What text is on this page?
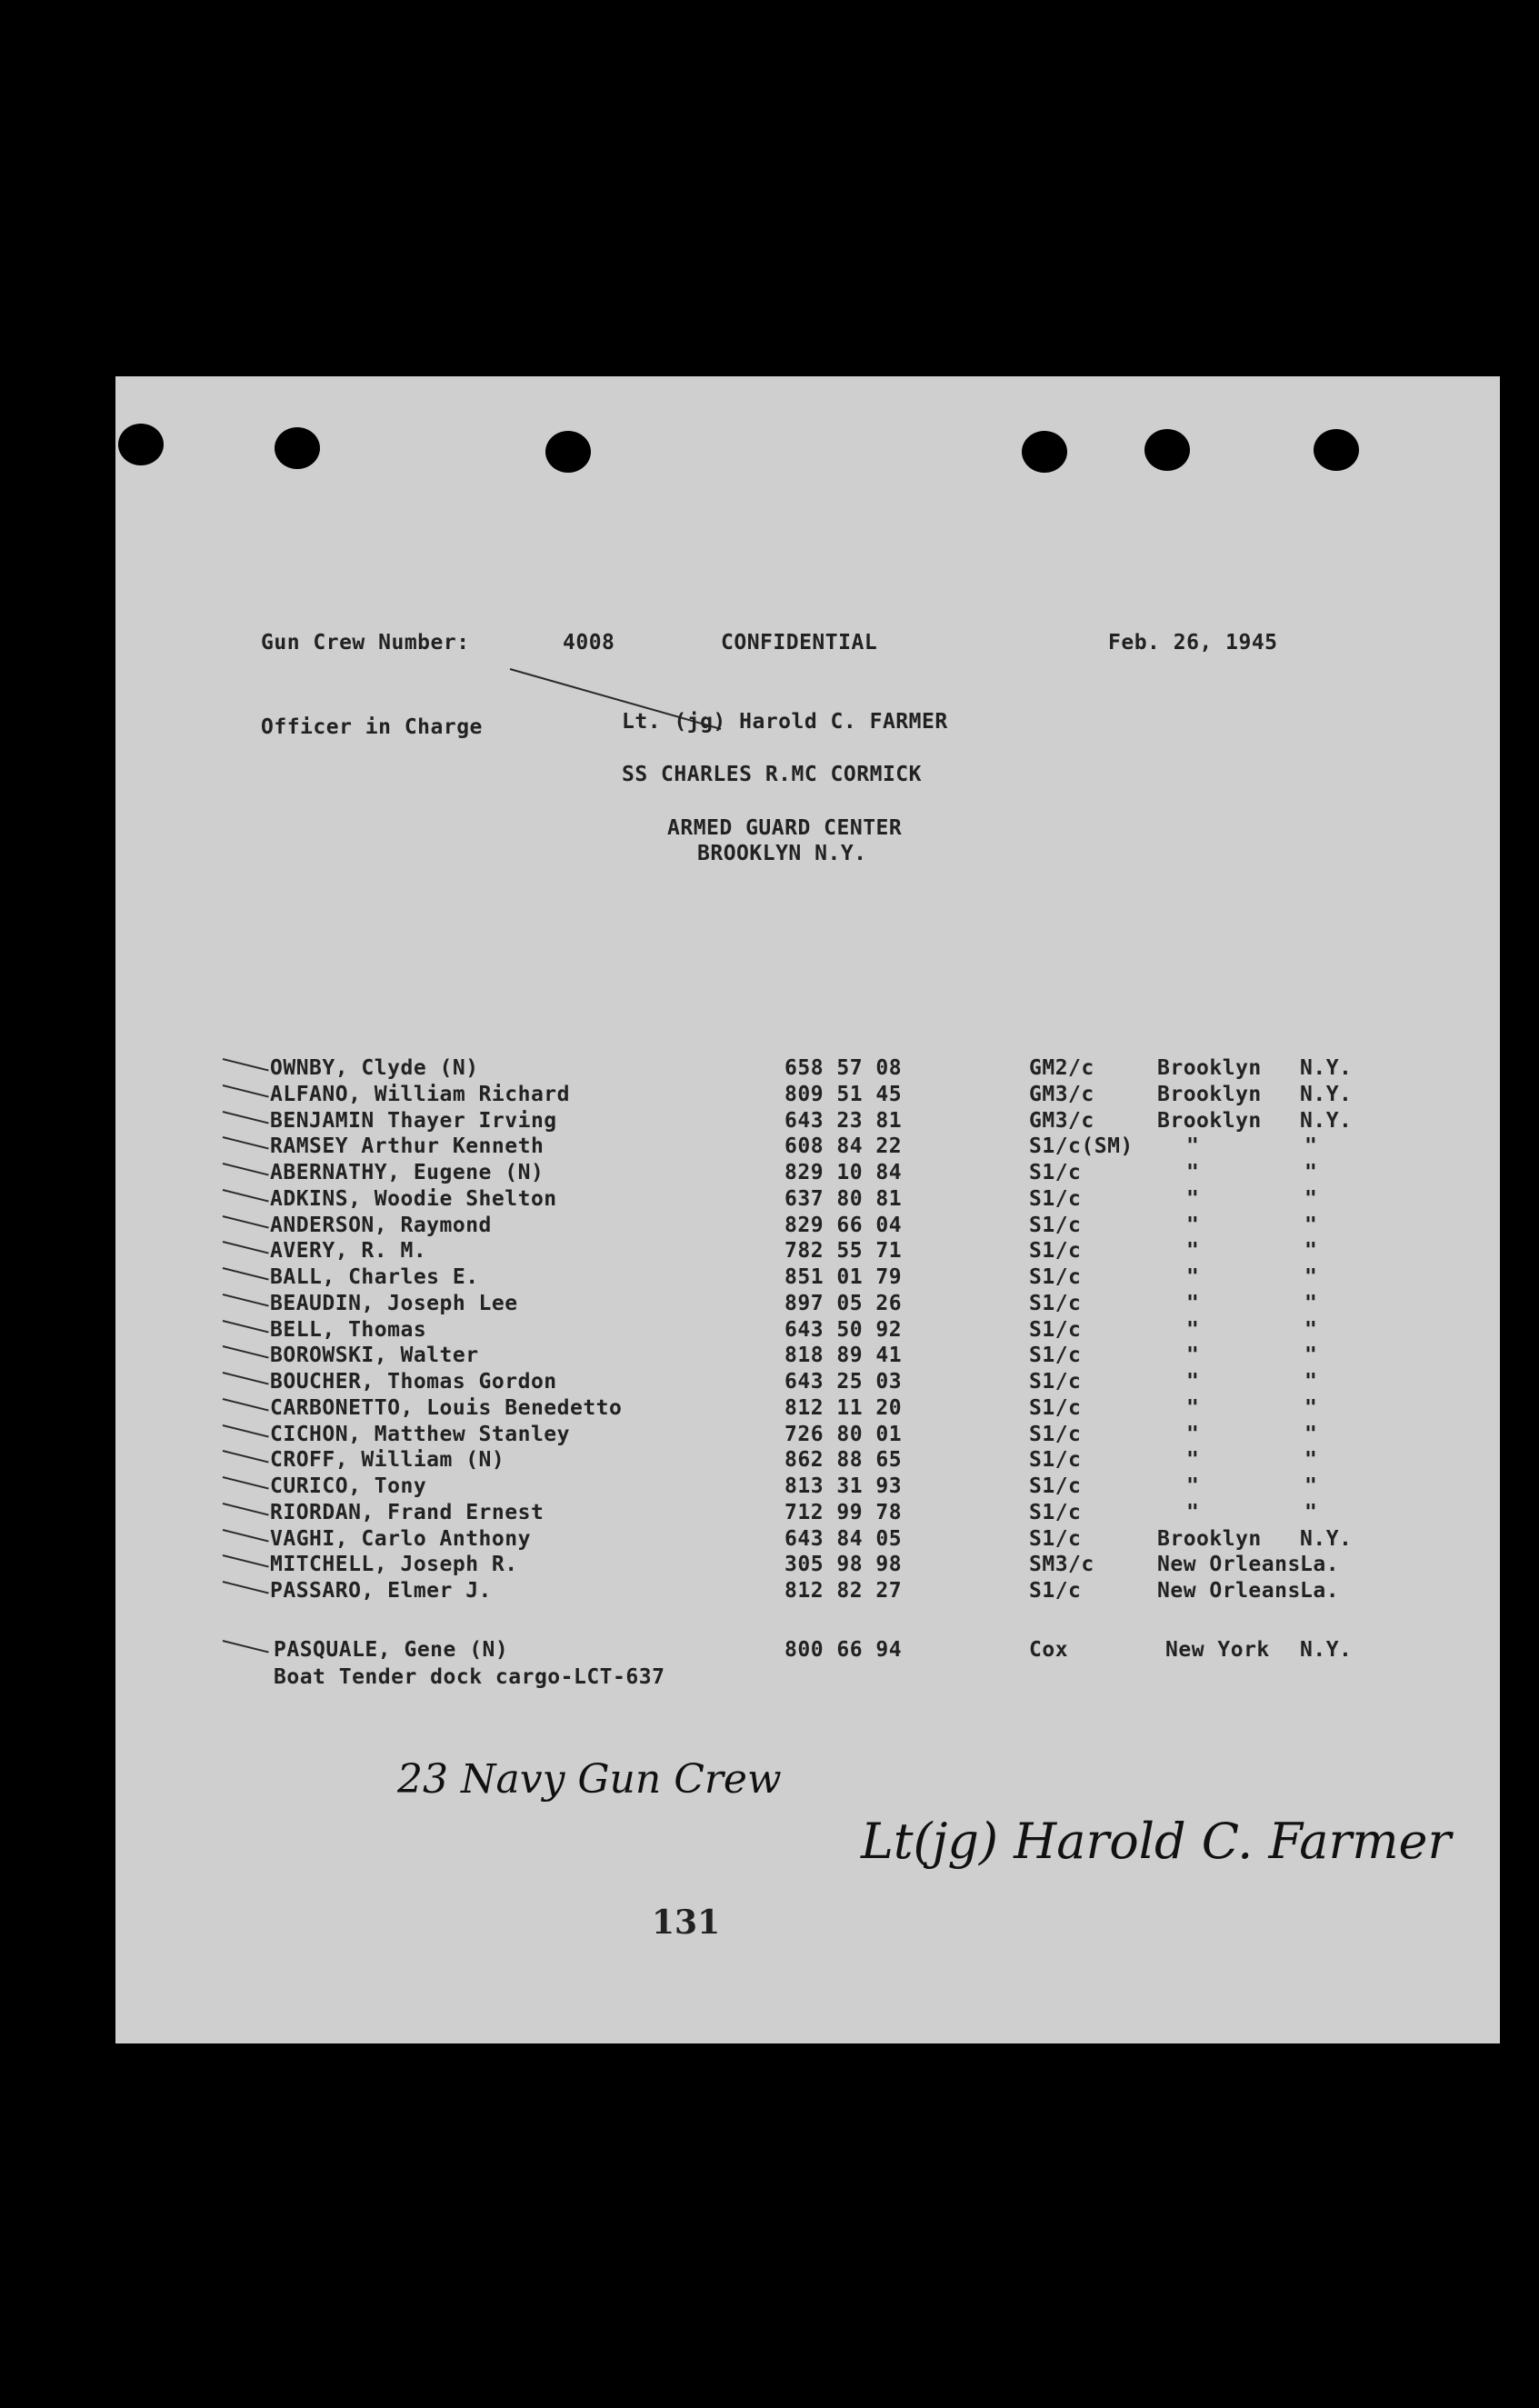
Gun Crew Number:	4008	CONFIDENTIAL	Feb. 26, 1945
Officer in Charge	Lt. (jg) Harold C. FARMER
SS CHARLES R.MC CORMICK
ARMED GUARD CENTER
BROOKLYN N.Y.
OWNBY, Clyde (N)	658 57 08	GM2/c	Brooklyn N.Y.
ALFANO, William Richard	809 51 45	GM3/c	Brooklyn N.Y.
BENJAMIN Thayer Irving	643 23 81	GM3/c	Brooklyn N.Y.
RAMSEY Arthur Kenneth	608 84 22	S1/c(SM)	"	"
ABERNATHY, Eugene (N)	829 10 84	S1/c	"	"
ADKINS, Woodie Shelton	637 80 81	S1/c	"	"
ANDERSON, Raymond	829 66 04	S1/c	"	"
AVERY, R. M.	782 55 71	S1/c	"	"
BALL, Charles E.	851 01 79	S1/c	"	"
BEAUDIN, Joseph Lee	897 05 26	S1/c	"	"
BELL, Thomas	643 50 92	S1/c	"	"
BOROWSKI, Walter	818 89 41	S1/c	"	"
BOUCHER, Thomas Gordon	643 25 03	S1/c	"	"
CARBONETTO, Louis Benedetto	812 11 20	S1/c	"	"
CICHON, Matthew Stanley	726 80 01	S1/c	"	"
CROFF, William (N)	862 88 65	S1/c	"	"
CURICO, Tony	813 31 93	S1/c	"	"
RIORDAN, Frand Ernest	712 99 78	S1/c	"	"
VAGHI, Carlo Anthony	643 84 05	S1/c	Brooklyn N.Y.
MITCHELL, Joseph R.	305 98 98	SM3/c	New Orleans La.
PASSARO, Elmer J.	812 82 27	S1/c	New Orleans La.
PASQUALE, Gene (N)	800 66 94	Cox	New York N.Y.
Boat Tender dock cargo-LCT-637
23 Navy Gun Crew
Lt(jg) Harold C. Farmer
131
